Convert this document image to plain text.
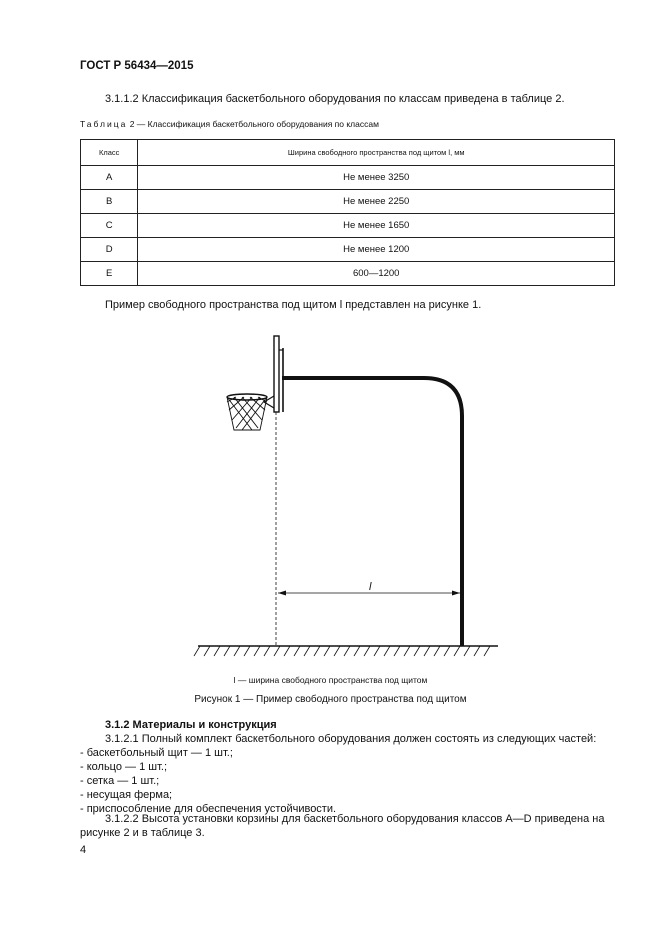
ГОСТ Р 56434—2015
3.1.1.2 Классификация баскетбольного оборудования по классам приведена в таблице 2.
Таблица 2 — Классификация баскетбольного оборудования по классам
Класс	Ширина свободного пространства под щитом l, мм
A	Не менее 3250
B	Не менее 2250
C	Не менее 1650
D	Не менее 1200
E	600—1200
Пример свободного пространства под щитом l представлен на рисунке 1.
l
l — ширина свободного пространства под щитом
Рисунок 1 — Пример свободного пространства под щитом
3.1.2 Материалы и конструкция
3.1.2.1 Полный комплект баскетбольного оборудования должен состоять из следующих частей:
- баскетбольный щит — 1 шт.;
- кольцо — 1 шт.;
- сетка — 1 шт.;
- несущая ферма;
- приспособление для обеспечения устойчивости.
3.1.2.2 Высота установки корзины для баскетбольного оборудования классов A—D приведена на
рисунке 2 и в таблице 3.
4
